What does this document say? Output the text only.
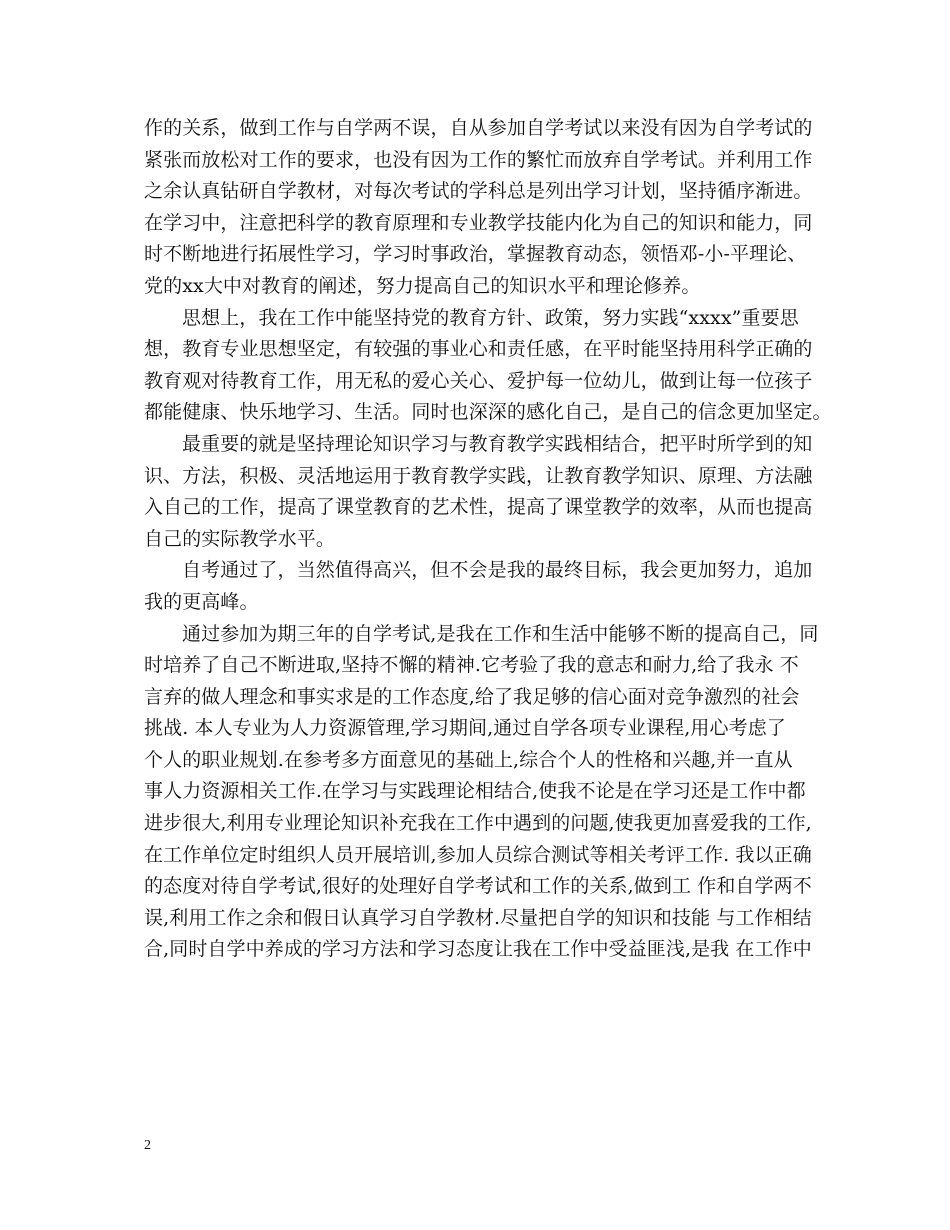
作的关系，做到工作与自学两不误，自从参加自学考试以来没有因为自学考试的
紧张而放松对工作的要求，也没有因为工作的繁忙而放弃自学考试。并利用工作
之余认真钻研自学教材，对每次考试的学科总是列出学习计划，坚持循序渐进。
在学习中，注意把科学的教育原理和专业教学技能内化为自己的知识和能力，同
时不断地进行拓展性学习，学习时事政治，掌握教育动态，领悟邓-小-平理论、
党的xx大中对教育的阐述，努力提高自己的知识水平和理论修养。
思想上，我在工作中能坚持党的教育方针、政策，努力实践“xxxx”重要思
想，教育专业思想坚定，有较强的事业心和责任感，在平时能坚持用科学正确的
教育观对待教育工作，用无私的爱心关心、爱护每一位幼儿，做到让每一位孩子
都能健康、快乐地学习、生活。同时也深深的感化自己，是自己的信念更加坚定。
最重要的就是坚持理论知识学习与教育教学实践相结合，把平时所学到的知
识、方法，积极、灵活地运用于教育教学实践，让教育教学知识、原理、方法融
入自己的工作，提高了课堂教育的艺术性，提高了课堂教学的效率，从而也提高
自己的实际教学水平。
自考通过了，当然值得高兴，但不会是我的最终目标，我会更加努力，追加
我的更高峰。
通过参加为期三年的自学考试,是我在工作和生活中能够不断的提高自己，同
时培养了自己不断进取,坚持不懈的精神.它考验了我的意志和耐力,给了我永 不
言弃的做人理念和事实求是的工作态度,给了我足够的信心面对竞争激烈的社会
挑战. 本人专业为人力资源管理,学习期间,通过自学各项专业课程,用心考虑了
个人的职业规划.在参考多方面意见的基础上,综合个人的性格和兴趣,并一直从
事人力资源相关工作.在学习与实践理论相结合,使我不论是在学习还是工作中都
进步很大,利用专业理论知识补充我在工作中遇到的问题,使我更加喜爱我的工作,
在工作单位定时组织人员开展培训,参加人员综合测试等相关考评工作. 我以正确
的态度对待自学考试,很好的处理好自学考试和工作的关系,做到工 作和自学两不
误,利用工作之余和假日认真学习自学教材.尽量把自学的知识和技能 与工作相结
合,同时自学中养成的学习方法和学习态度让我在工作中受益匪浅,是我 在工作中
2
